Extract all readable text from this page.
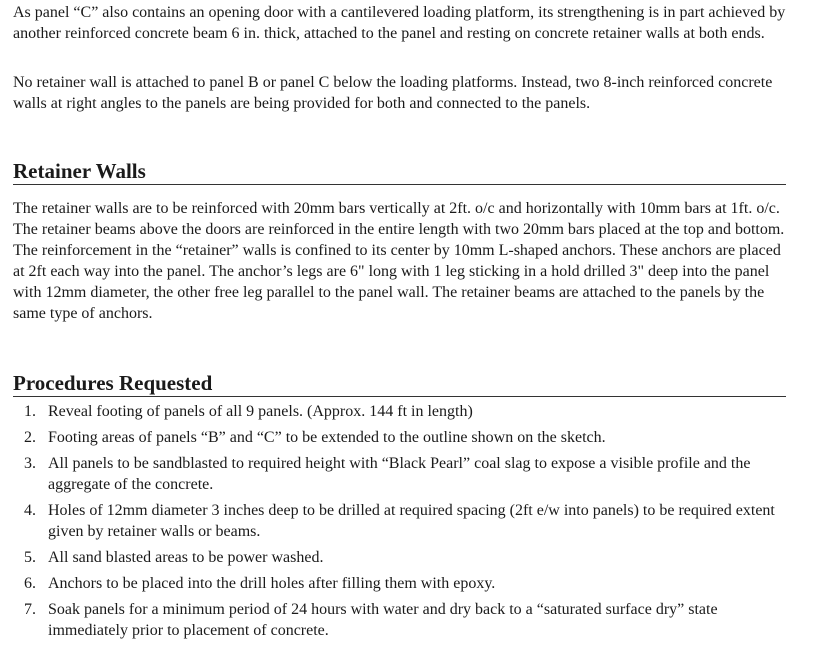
As panel “C” also contains an opening door with a cantilevered loading platform, its strengthening is in part achieved by another reinforced concrete beam 6 in. thick, attached to the panel and resting on concrete retainer walls at both ends.

No retainer wall is attached to panel B or panel C below the loading platforms. Instead, two 8-inch reinforced concrete walls at right angles to the panels are being provided for both and connected to the panels.

Retainer Walls

The retainer walls are to be reinforced with 20mm bars vertically at 2ft. o/c and horizontally with 10mm bars at 1ft. o/c. The retainer beams above the doors are reinforced in the entire length with two 20mm bars placed at the top and bottom. The reinforcement in the “retainer” walls is confined to its center by 10mm L-shaped anchors. These anchors are placed at 2ft each way into the panel. The anchor’s legs are 6" long with 1 leg sticking in a hold drilled 3" deep into the panel with 12mm diameter, the other free leg parallel to the panel wall. The retainer beams are attached to the panels by the same type of anchors.

Procedures Requested
1. Reveal footing of panels of all 9 panels. (Approx. 144 ft in length)
2. Footing areas of panels “B” and “C” to be extended to the outline shown on the sketch.
3. All panels to be sandblasted to required height with “Black Pearl” coal slag to expose a visible profile and the aggregate of the concrete.
4. Holes of 12mm diameter 3 inches deep to be drilled at required spacing (2ft e/w into panels) to be required extent given by retainer walls or beams.
5. All sand blasted areas to be power washed.
6. Anchors to be placed into the drill holes after filling them with epoxy.
7. Soak panels for a minimum period of 24 hours with water and dry back to a “saturated surface dry” state immediately prior to placement of concrete.
